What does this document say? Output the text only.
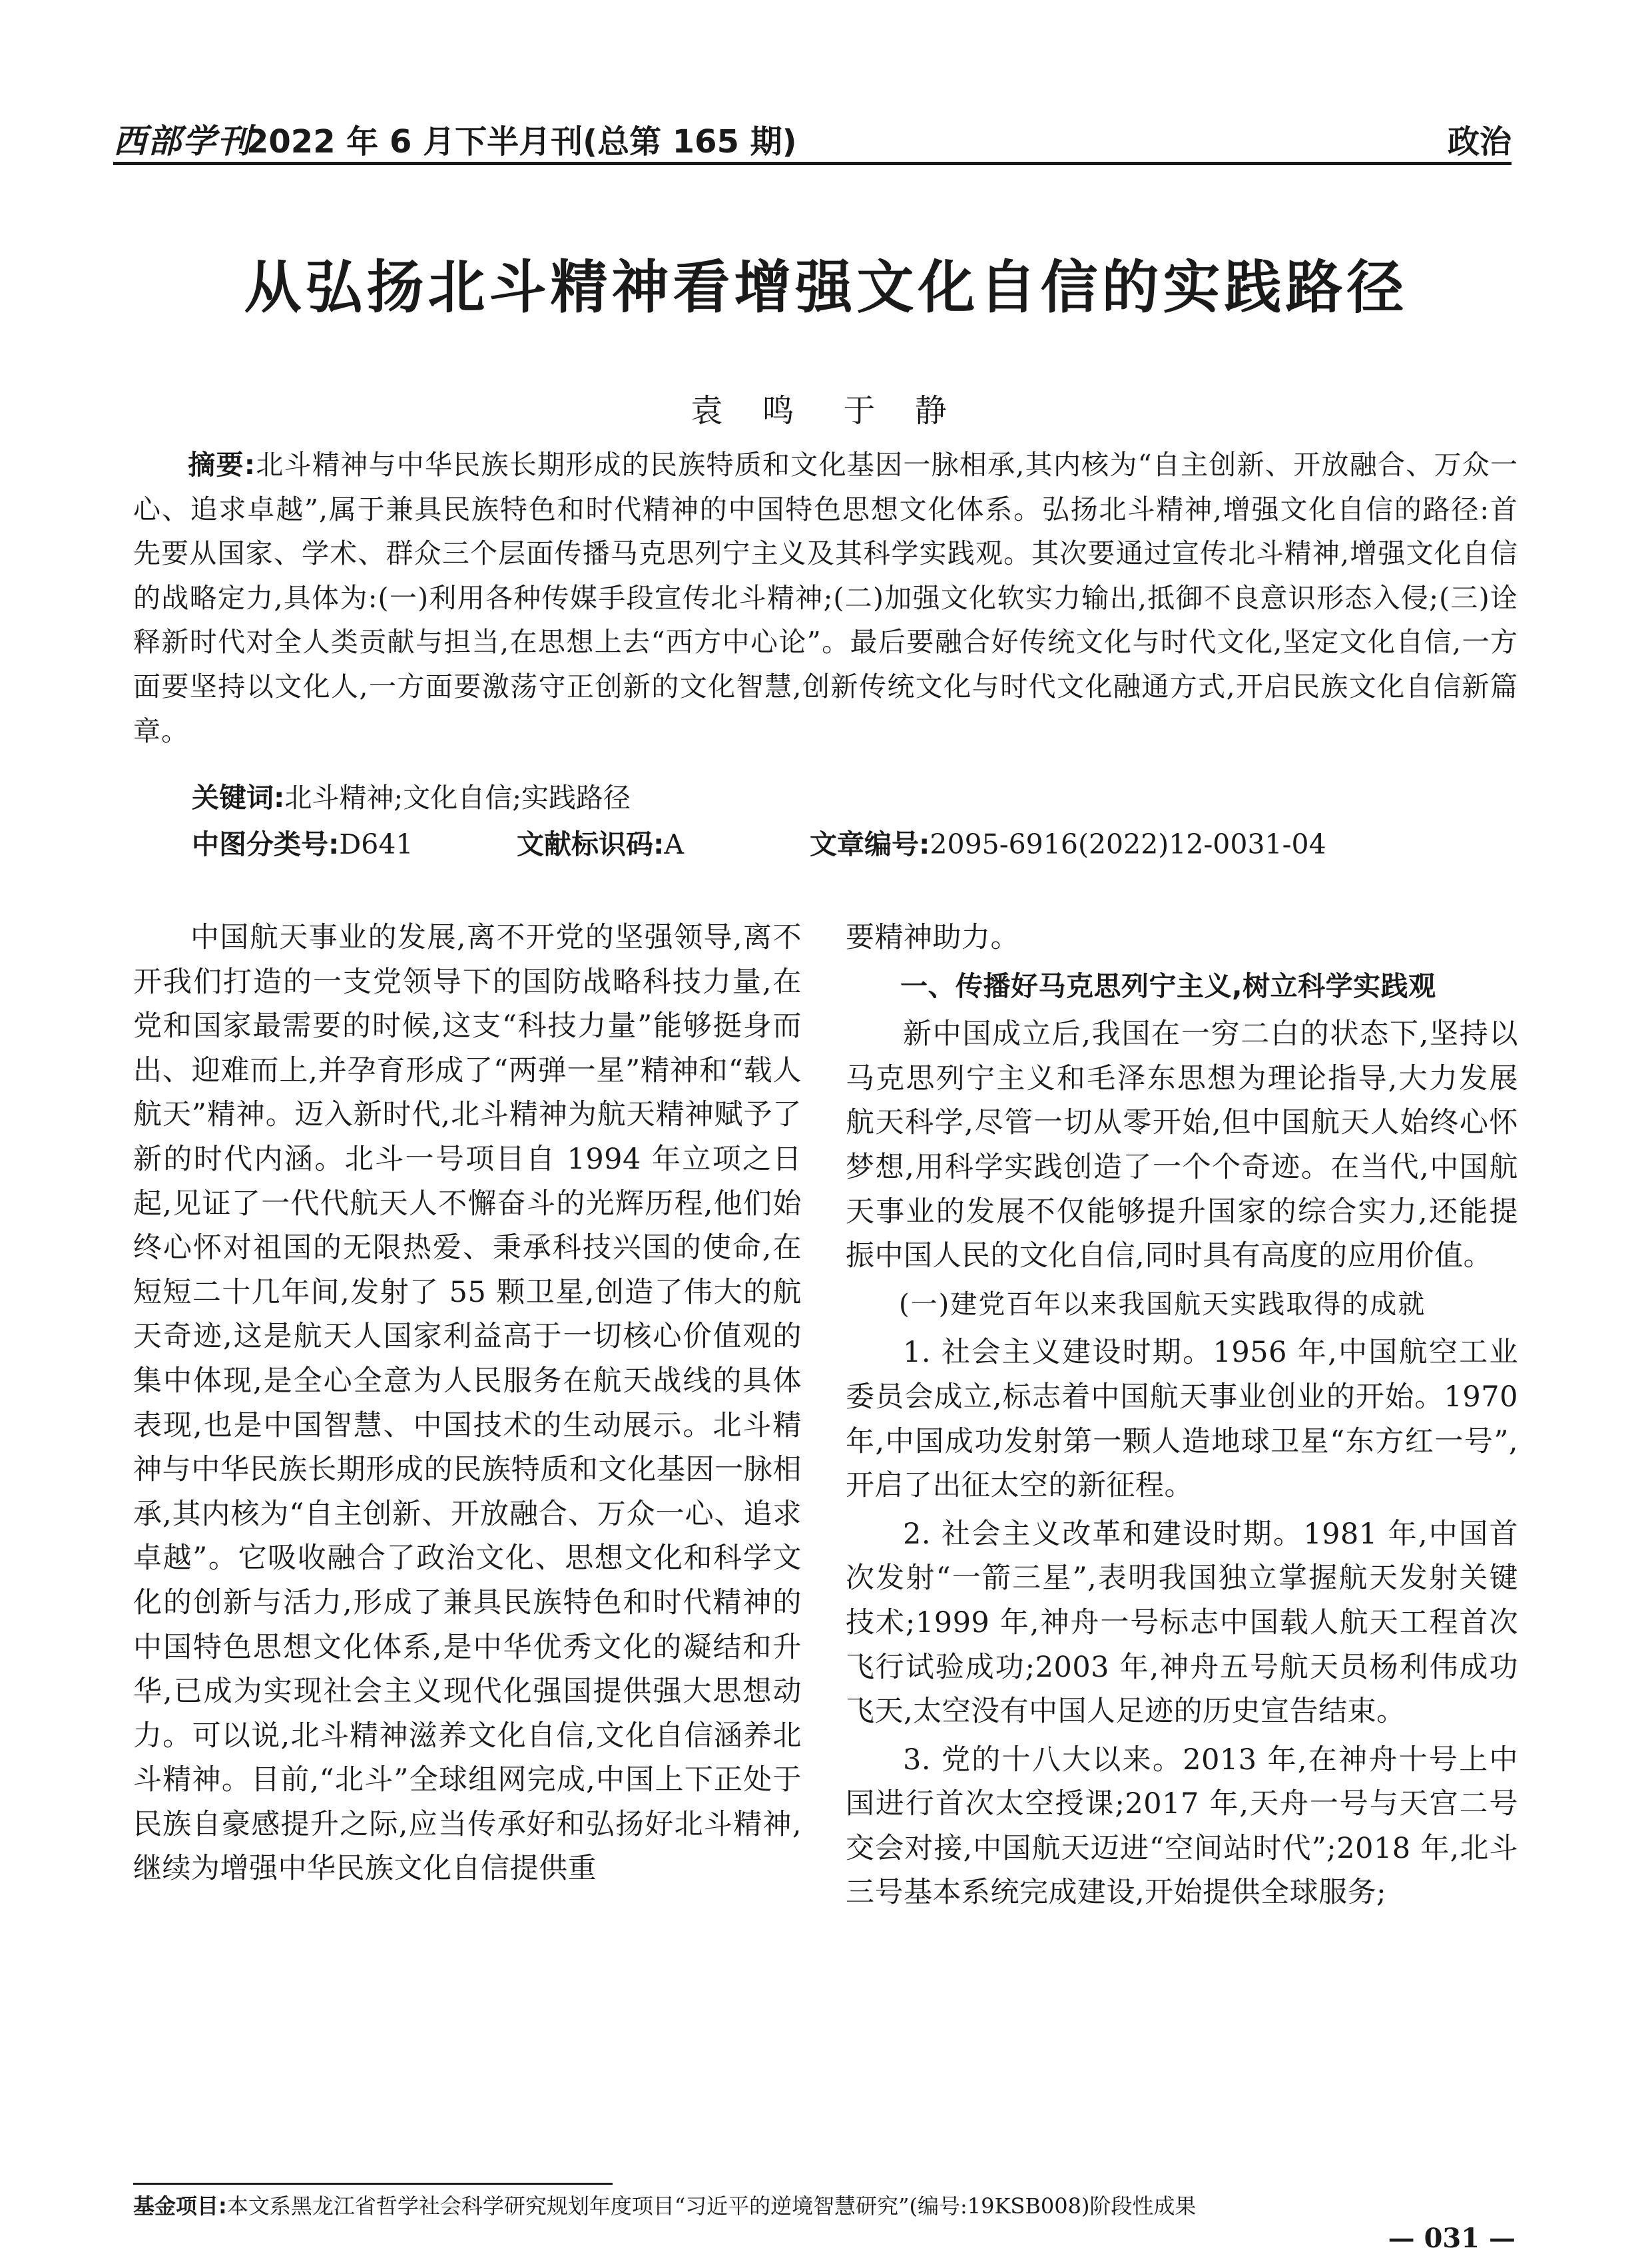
西部学刊
2022 年 6 月下半月刊(总第 165 期)	政治
从弘扬北斗精神看增强文化自信的实践路径
袁 鸣 于 静
摘要:北斗精神与中华民族长期形成的民族特质和文化基因一脉相承,其内核为“自主创新、开放融合、万众一心、追求卓越”,属于兼具民族特色和时代精神的中国特色思想文化体系。弘扬北斗精神,增强文化自信的路径:首先要从国家、学术、群众三个层面传播马克思列宁主义及其科学实践观。其次要通过宣传北斗精神,增强文化自信的战略定力,具体为:(一)利用各种传媒手段宣传北斗精神;(二)加强文化软实力输出,抵御不良意识形态入侵;(三)诠释新时代对全人类贡献与担当,在思想上去“西方中心论”。最后要融合好传统文化与时代文化,坚定文化自信,一方面要坚持以文化人,一方面要激荡守正创新的文化智慧,创新传统文化与时代文化融通方式,开启民族文化自信新篇章。
关键词:北斗精神;文化自信;实践路径
中图分类号:D641	文献标识码:A	文章编号:2095-6916(2022)12-0031-04

中国航天事业的发展,离不开党的坚强领导,离不开我们打造的一支党领导下的国防战略科技力量,在党和国家最需要的时候,这支“科技力量”能够挺身而出、迎难而上,并孕育形成了“两弹一星”精神和“载人航天”精神。迈入新时代,北斗精神为航天精神赋予了新的时代内涵。北斗一号项目自 1994 年立项之日起,见证了一代代航天人不懈奋斗的光辉历程,他们始终心怀对祖国的无限热爱、秉承科技兴国的使命,在短短二十几年间,发射了 55 颗卫星,创造了伟大的航天奇迹,这是航天人国家利益高于一切核心价值观的集中体现,是全心全意为人民服务在航天战线的具体表现,也是中国智慧、中国技术的生动展示。北斗精神与中华民族长期形成的民族特质和文化基因一脉相承,其内核为“自主创新、开放融合、万众一心、追求卓越”。它吸收融合了政治文化、思想文化和科学文化的创新与活力,形成了兼具民族特色和时代精神的中国特色思想文化体系,是中华优秀文化的凝结和升华,已成为实现社会主义现代化强国提供强大思想动力。可以说,北斗精神滋养文化自信,文化自信涵养北斗精神。目前,“北斗”全球组网完成,中国上下正处于民族自豪感提升之际,应当传承好和弘扬好北斗精神,继续为增强中华民族文化自信提供重

要精神助力。

一、传播好马克思列宁主义,树立科学实践观

新中国成立后,我国在一穷二白的状态下,坚持以马克思列宁主义和毛泽东思想为理论指导,大力发展航天科学,尽管一切从零开始,但中国航天人始终心怀梦想,用科学实践创造了一个个奇迹。在当代,中国航天事业的发展不仅能够提升国家的综合实力,还能提振中国人民的文化自信,同时具有高度的应用价值。

(一)建党百年以来我国航天实践取得的成就

1. 社会主义建设时期。1956 年,中国航空工业委员会成立,标志着中国航天事业创业的开始。1970 年,中国成功发射第一颗人造地球卫星“东方红一号”,开启了出征太空的新征程。

2. 社会主义改革和建设时期。1981 年,中国首次发射“一箭三星”,表明我国独立掌握航天发射关键技术;1999 年,神舟一号标志中国载人航天工程首次飞行试验成功;2003 年,神舟五号航天员杨利伟成功飞天,太空没有中国人足迹的历史宣告结束。

3. 党的十八大以来。2013 年,在神舟十号上中国进行首次太空授课;2017 年,天舟一号与天宫二号交会对接,中国航天迈进“空间站时代”;2018 年,北斗三号基本系统完成建设,开始提供全球服务;

基金项目:本文系黑龙江省哲学社会科学研究规划年度项目“习近平的逆境智慧研究”(编号:19KSB008)阶段性成果
— 031 —
